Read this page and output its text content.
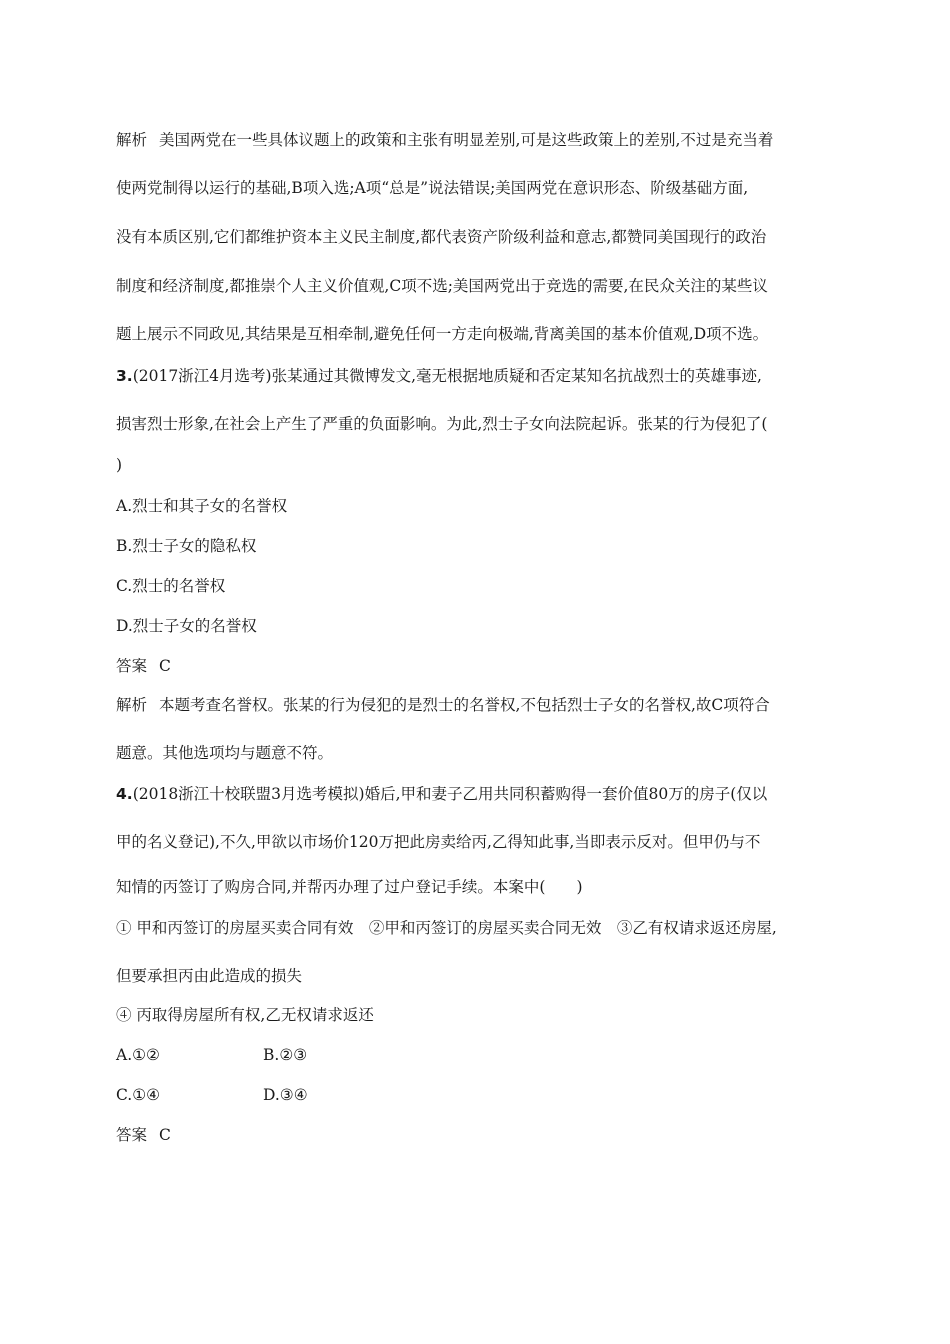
解析 美国两党在一些具体议题上的政策和主张有明显差别,可是这些政策上的差别,不过是充当着
使两党制得以运行的基础,B项入选;A项“总是”说法错误;美国两党在意识形态、阶级基础方面,
没有本质区别,它们都维护资本主义民主制度,都代表资产阶级利益和意志,都赞同美国现行的政治
制度和经济制度,都推崇个人主义价值观,C项不选;美国两党出于竞选的需要,在民众关注的某些议
题上展示不同政见,其结果是互相牵制,避免任何一方走向极端,背离美国的基本价值观,D项不选。
3.(2017浙江4月选考)张某通过其微博发文,毫无根据地质疑和否定某知名抗战烈士的英雄事迹,
损害烈士形象,在社会上产生了严重的负面影响。为此,烈士子女向法院起诉。张某的行为侵犯了(
)
A.烈士和其子女的名誉权
B.烈士子女的隐私权
C.烈士的名誉权
D.烈士子女的名誉权
答案 C
解析 本题考查名誉权。张某的行为侵犯的是烈士的名誉权,不包括烈士子女的名誉权,故C项符合
题意。其他选项均与题意不符。
4.(2018浙江十校联盟3月选考模拟)婚后,甲和妻子乙用共同积蓄购得一套价值80万的房子(仅以
甲的名义登记),不久,甲欲以市场价120万把此房卖给丙,乙得知此事,当即表示反对。但甲仍与不
知情的丙签订了购房合同,并帮丙办理了过户登记手续。本案中(　　)
① 甲和丙签订的房屋买卖合同有效　②甲和丙签订的房屋买卖合同无效　③乙有权请求返还房屋,
但要承担丙由此造成的损失
④ 丙取得房屋所有权,乙无权请求返还
A.①②	B.②③
C.①④	D.③④
答案 C
